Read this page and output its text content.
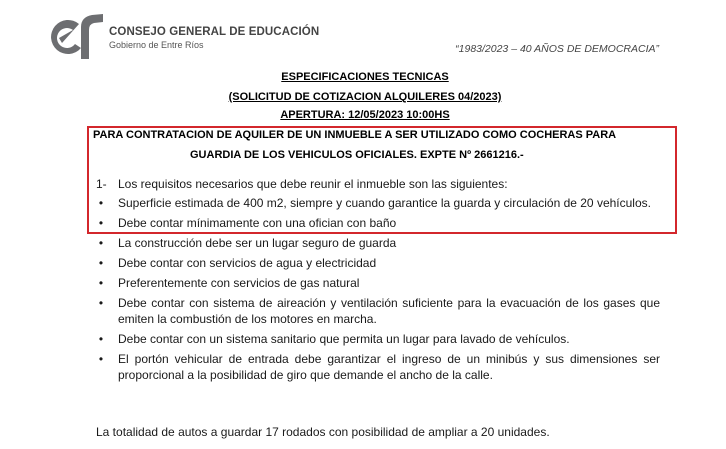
CONSEJO GENERAL DE EDUCACIÓN
Gobierno de Entre Ríos	“1983/2023 – 40 AÑOS DE DEMOCRACIA”
ESPECIFICACIONES TECNICAS
(SOLICITUD DE COTIZACION ALQUILERES 04/2023)
APERTURA: 12/05/2023 10:00HS
PARA CONTRATACION DE AQUILER DE UN INMUEBLE A SER UTILIZADO COMO COCHERAS PARA
GUARDIA DE LOS VEHICULOS OFICIALES. EXPTE Nº 2661216.-
1- Los requisitos necesarios que debe reunir el inmueble son las siguientes:
• Superficie estimada de 400 m2, siempre y cuando garantice la guarda y circulación de 20 vehículos.
• Debe contar mínimamente con una ofician con baño
• La construcción debe ser un lugar seguro de guarda
• Debe contar con servicios de agua y electricidad
• Preferentemente con servicios de gas natural
• Debe contar con sistema de aireación y ventilación suficiente para la evacuación de los gases que emiten la combustión de los motores en marcha.
• Debe contar con un sistema sanitario que permita un lugar para lavado de vehículos.
• El portón vehicular de entrada debe garantizar el ingreso de un minibús y sus dimensiones ser proporcional a la posibilidad de giro que demande el ancho de la calle.
La totalidad de autos a guardar 17 rodados con posibilidad de ampliar a 20 unidades.
